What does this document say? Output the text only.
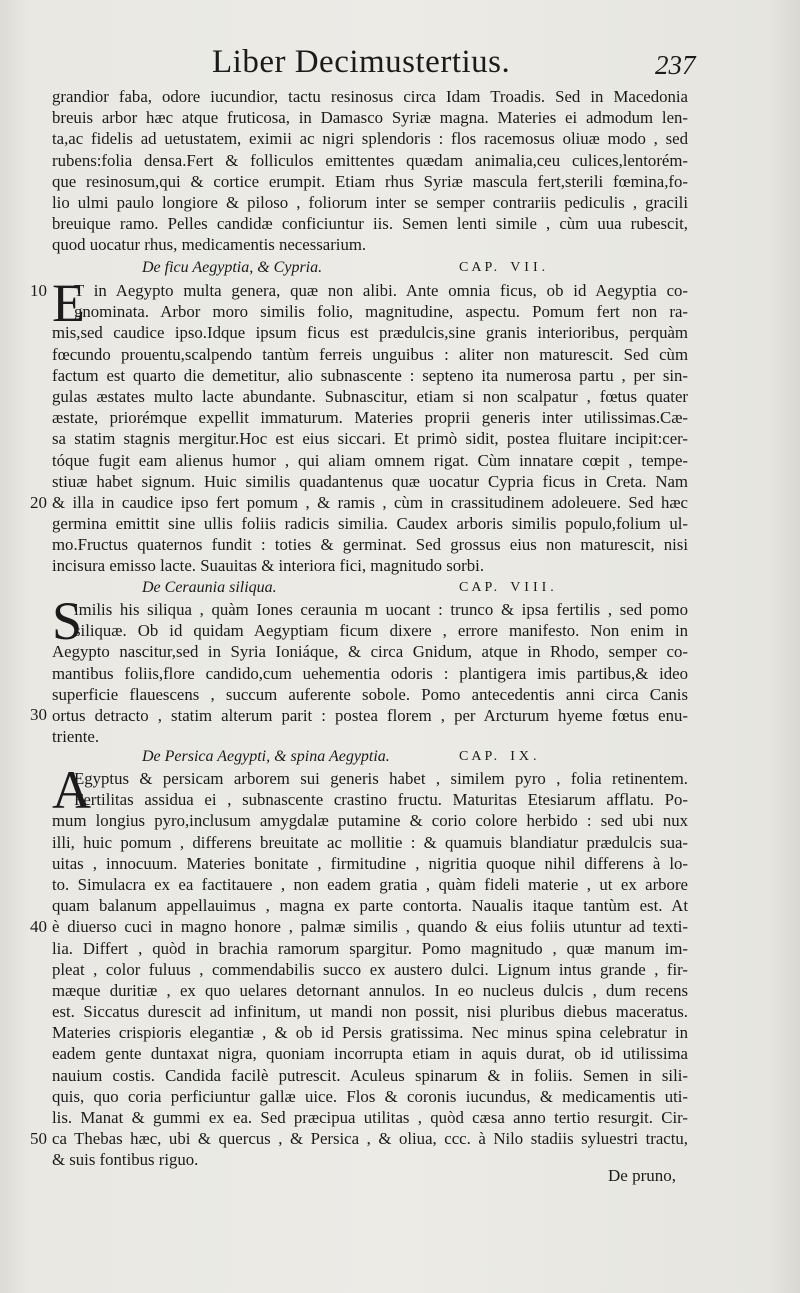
Liber Decimustertius.	237
grandior faba, odore iucundior, tactu resinosus circa Idam Troadis. Sed in Macedonia
breuis arbor hæc atque fruticosa, in Damasco Syriæ magna. Materies ei admodum len-
ta,ac fidelis ad uetustatem, eximii ac nigri splendoris : flos racemosus oliuæ modo , sed
rubens:folia densa.Fert & folliculos emittentes quædam animalia,ceu culices,lentorém-
que resinosum,qui & cortice erumpit. Etiam rhus Syriæ mascula fert,sterili fœmina,fo-
lio ulmi paulo longiore & piloso , foliorum inter se semper contrariis pediculis , gracili
breuique ramo. Pelles candidæ conficiuntur iis. Semen lenti simile , cùm uua rubescit,
quod uocatur rhus, medicamentis necessarium.
De ficu Aegyptia, & Cypria.	CAP. VII.
E
T in Aegypto multa genera, quæ non alibi. Ante omnia ficus, ob id Aegyptia co-
gnominata. Arbor moro similis folio, magnitudine, aspectu. Pomum fert non ra-
mis,sed caudice ipso.Idque ipsum ficus est prædulcis,sine granis interioribus, perquàm
fœcundo prouentu,scalpendo tantùm ferreis unguibus : aliter non maturescit. Sed cùm
factum est quarto die demetitur, alio subnascente : septeno ita numerosa partu , per sin-
gulas æstates multo lacte abundante. Subnascitur, etiam si non scalpatur , fœtus quater
æstate, priorémque expellit immaturum. Materies proprii generis inter utilissimas.Cæ-
sa statim stagnis mergitur.Hoc est eius siccari. Et primò sidit, postea fluitare incipit:cer-
tóque fugit eam alienus humor , qui aliam omnem rigat. Cùm innatare cœpit , tempe-
stiuæ habet signum. Huic similis quadantenus quæ uocatur Cypria ficus in Creta. Nam
& illa in caudice ipso fert pomum , & ramis , cùm in crassitudinem adoleuere. Sed hæc
germina emittit sine ullis foliis radicis similia. Caudex arboris similis populo,folium ul-
mo.Fructus quaternos fundit : toties & germinat. Sed grossus eius non maturescit, nisi
incisura emisso lacte. Suauitas & interiora fici, magnitudo sorbi.
De Ceraunia siliqua.	CAP. VIII.
S
imilis his siliqua , quàm Iones ceraunia m uocant : trunco & ipsa fertilis , sed pomo
siliquæ. Ob id quidam Aegyptiam ficum dixere , errore manifesto. Non enim in
Aegypto nascitur,sed in Syria Ioniáque, & circa Gnidum, atque in Rhodo, semper co-
mantibus foliis,flore candido,cum uehementia odoris : plantigera imis partibus,& ideo
superficie flauescens , succum auferente sobole. Pomo antecedentis anni circa Canis
ortus detracto , statim alterum parit : postea florem , per Arcturum hyeme fœtus enu-
triente.
De Persica Aegypti, & spina Aegyptia.	CAP. IX.
A
Egyptus & persicam arborem sui generis habet , similem pyro , folia retinentem.
Fertilitas assidua ei , subnascente crastino fructu. Maturitas Etesiarum afflatu. Po-
mum longius pyro,inclusum amygdalæ putamine & corio colore herbido : sed ubi nux
illi, huic pomum , differens breuitate ac mollitie : & quamuis blandiatur prædulcis sua-
uitas , innocuum. Materies bonitate , firmitudine , nigritia quoque nihil differens à lo-
to. Simulacra ex ea factitauere , non eadem gratia , quàm fideli materie , ut ex arbore
quam balanum appellauimus , magna ex parte contorta. Naualis itaque tantùm est. At
è diuerso cuci in magno honore , palmæ similis , quando & eius foliis utuntur ad texti-
lia. Differt , quòd in brachia ramorum spargitur. Pomo magnitudo , quæ manum im-
pleat , color fuluus , commendabilis succo ex austero dulci. Lignum intus grande , fir-
mæque duritiæ , ex quo uelares detornant annulos. In eo nucleus dulcis , dum recens
est. Siccatus durescit ad infinitum, ut mandi non possit, nisi pluribus diebus maceratus.
Materies crispioris elegantiæ , & ob id Persis gratissima. Nec minus spina celebratur in
eadem gente duntaxat nigra, quoniam incorrupta etiam in aquis durat, ob id utilissima
nauium costis. Candida facilè putrescit. Aculeus spinarum & in foliis. Semen in sili-
quis, quo coria perficiuntur gallæ uice. Flos & coronis iucundus, & medicamentis uti-
lis. Manat & gummi ex ea. Sed præcipua utilitas , quòd cæsa anno tertio resurgit. Cir-
ca Thebas hæc, ubi & quercus , & Persica , & oliua, ccc. à Nilo stadiis syluestri tractu,
& suis fontibus riguo.
10
20
30
40
50
De pruno,
